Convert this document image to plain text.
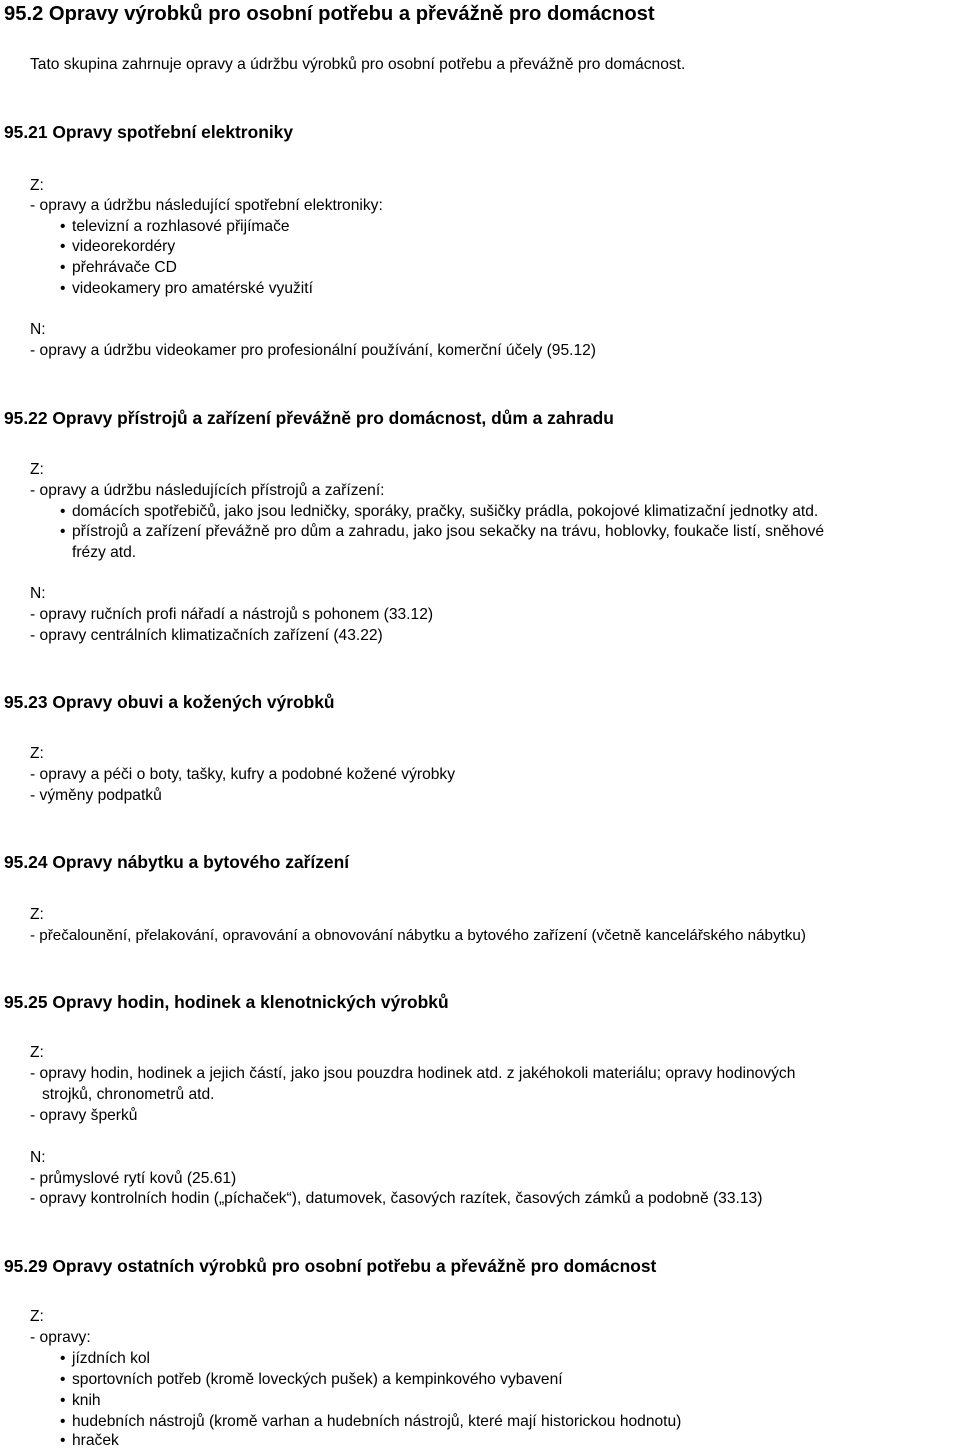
95.2 Opravy výrobků pro osobní potřebu a převážně pro domácnost
Tato skupina zahrnuje opravy a údržbu výrobků pro osobní potřebu a převážně pro domácnost.
95.21 Opravy spotřební elektroniky
Z:
- opravy a údržbu následující spotřební elektroniky:
• televizní a rozhlasové přijímače
• videorekordéry
• přehrávače CD
• videokamery pro amatérské využití
N:
- opravy a údržbu videokamer pro profesionální používání, komerční účely (95.12)
95.22 Opravy přístrojů a zařízení převážně pro domácnost, dům a zahradu
Z:
- opravy a údržbu následujících přístrojů a zařízení:
• domácích spotřebičů, jako jsou ledničky, sporáky, pračky, sušičky prádla, pokojové klimatizační jednotky atd.
• přístrojů a zařízení převážně pro dům a zahradu, jako jsou sekačky na trávu, hoblovky, foukače listí, sněhové
frézy atd.
N:
- opravy ručních profi nářadí a nástrojů s pohonem (33.12)
- opravy centrálních klimatizačních zařízení (43.22)
95.23 Opravy obuvi a kožených výrobků
Z:
- opravy a péči o boty, tašky, kufry a podobné kožené výrobky
- výměny podpatků
95.24 Opravy nábytku a bytového zařízení
Z:
- přečalounění, přelakování, opravování a obnovování nábytku a bytového zařízení (včetně kancelářského nábytku)
95.25 Opravy hodin, hodinek a klenotnických výrobků
Z:
- opravy hodin, hodinek a jejich částí, jako jsou pouzdra hodinek atd. z jakéhokoli materiálu; opravy hodinových
strojků, chronometrů atd.
- opravy šperků
N:
- průmyslové rytí kovů (25.61)
- opravy kontrolních hodin („píchaček“), datumovek, časových razítek, časových zámků a podobně (33.13)
95.29 Opravy ostatních výrobků pro osobní potřebu a převážně pro domácnost
Z:
- opravy:
• jízdních kol
• sportovních potřeb (kromě loveckých pušek) a kempinkového vybavení
• knih
• hudebních nástrojů (kromě varhan a hudebních nástrojů, které mají historickou hodnotu)
• hraček
